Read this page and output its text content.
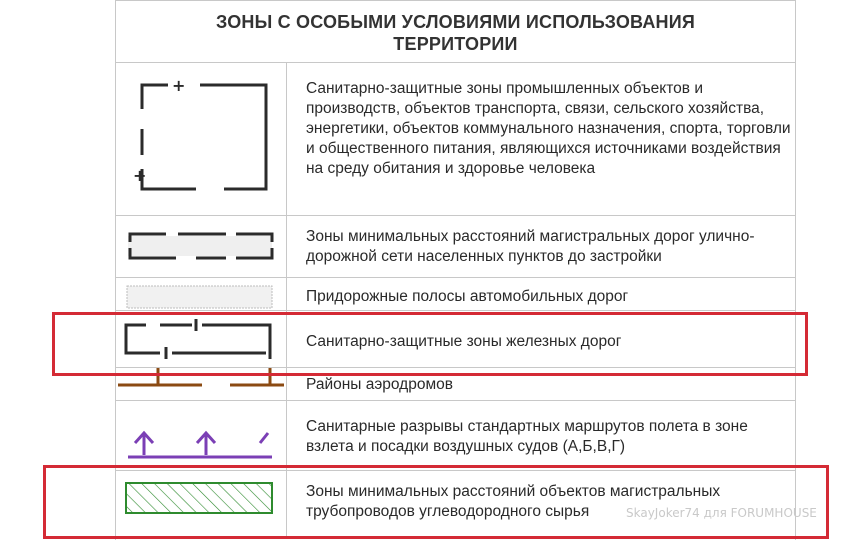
ЗОНЫ С ОСОБЫМИ УСЛОВИЯМИ ИСПОЛЬЗОВАНИЯ
ТЕРРИТОРИИ
+
+
Санитарно-защитные зоны промышленных объектов и производств, объектов транспорта, связи, сельского хозяйства, энергетики, объектов коммунального назначения, спорта, торговли и общественного питания, являющихся источниками воздействия на среду обитания и здоровье человека
Зоны минимальных расстояний магистральных дорог улично-дорожной сети населенных пунктов до застройки
Придорожные полосы автомобильных дорог
Санитарно-защитные зоны железных дорог
Районы аэродромов
Санитарные разрывы стандартных маршрутов полета в зоне взлета и посадки воздушных судов (А,Б,В,Г)
Зоны минимальных расстояний объектов магистральных трубопроводов углеводородного сырья	SkayJoker74 для FORUMHOUSE
